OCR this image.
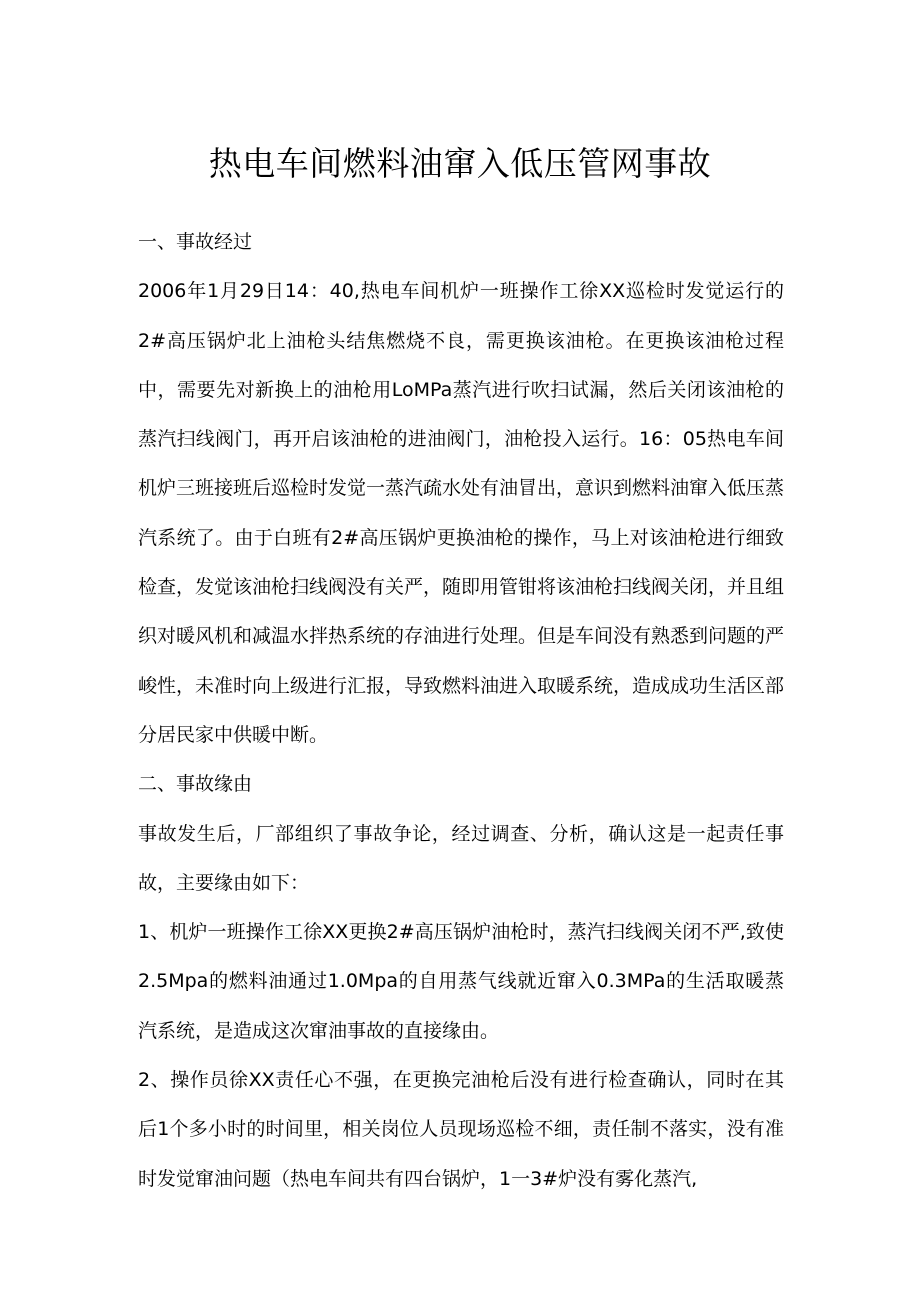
热电车间燃料油窜入低压管网事故

一、事故经过

2006年1月29日14：40,热电车间机炉一班操作工徐XX巡检时发觉运行的2#高压锅炉北上油枪头结焦燃烧不良，需更换该油枪。在更换该油枪过程中，需要先对新换上的油枪用LoMPa蒸汽进行吹扫试漏，然后关闭该油枪的蒸汽扫线阀门，再开启该油枪的进油阀门，油枪投入运行。16：05热电车间机炉三班接班后巡检时发觉一蒸汽疏水处有油冒出，意识到燃料油窜入低压蒸汽系统了。由于白班有2#高压锅炉更换油枪的操作，马上对该油枪进行细致检查，发觉该油枪扫线阀没有关严，随即用管钳将该油枪扫线阀关闭，并且组织对暖风机和减温水拌热系统的存油进行处理。但是车间没有熟悉到问题的严峻性，未准时向上级进行汇报，导致燃料油进入取暖系统，造成成功生活区部分居民家中供暖中断。

二、事故缘由

事故发生后，厂部组织了事故争论，经过调查、分析，确认这是一起责任事故，主要缘由如下：

1、机炉一班操作工徐XX更换2#高压锅炉油枪时，蒸汽扫线阀关闭不严,致使2.5Mpa的燃料油通过1.0Mpa的自用蒸气线就近窜入0.3MPa的生活取暖蒸汽系统，是造成这次窜油事故的直接缘由。

2、操作员徐XX责任心不强，在更换完油枪后没有进行检查确认，同时在其后1个多小时的时间里，相关岗位人员现场巡检不细，责任制不落实，没有准时发觉窜油问题（热电车间共有四台锅炉，1一3#炉没有雾化蒸汽,
